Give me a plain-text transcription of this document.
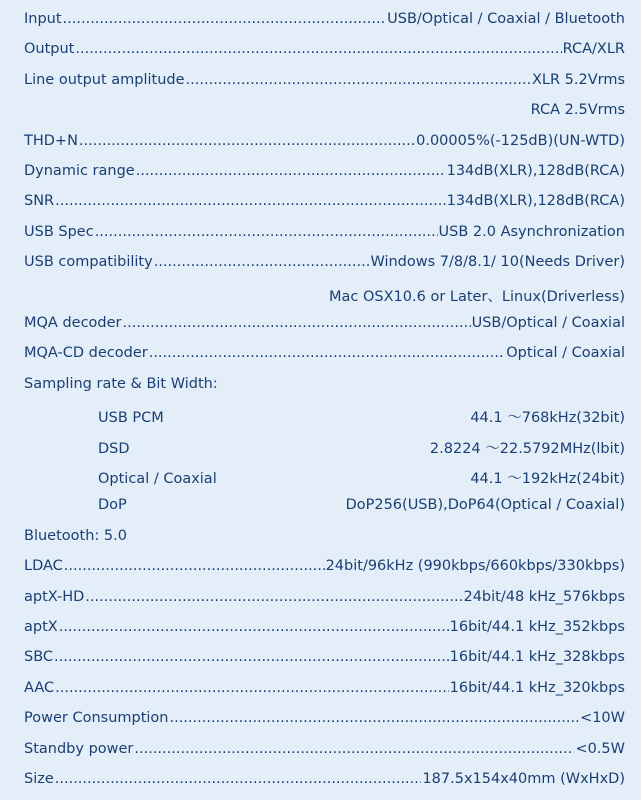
Input .....	USB/Optical / Coaxial / Bluetooth
Output .....	RCA/XLR
Line output amplitude .....	XLR 5.2Vrms
RCA 2.5Vrms
THD+N .....	0.00005%(-125dB)(UN-WTD)
Dynamic range .....	134dB(XLR),128dB(RCA)
SNR .....	134dB(XLR),128dB(RCA)
USB Spec .....	USB 2.0 Asynchronization
USB compatibility .....	Windows 7/8/8.1/ 10(Needs Driver)
Mac OSX10.6 or Later、Linux(Driverless)
MQA decoder .....	USB/Optical / Coaxial
MQA-CD decoder .....	Optical / Coaxial
Sampling rate & Bit Width:
USB PCM	44.1 ～768kHz(32bit)
DSD	2.8224 ～22.5792MHz(lbit)
Optical / Coaxial	44.1 ～192kHz(24bit)
DoP	DoP256(USB),DoP64(Optical / Coaxial)
Bluetooth: 5.0
LDAC .....	24bit/96kHz (990kbps/660kbps/330kbps)
aptX-HD .....	24bit/48 kHz_576kbps
aptX .....	16bit/44.1 kHz_352kbps
SBC .....	16bit/44.1 kHz_328kbps
AAC .....	16bit/44.1 kHz_320kbps
Power Consumption .....	<10W
Standby power .....	<0.5W
Size .....	187.5x154x40mm (WxHxD)
